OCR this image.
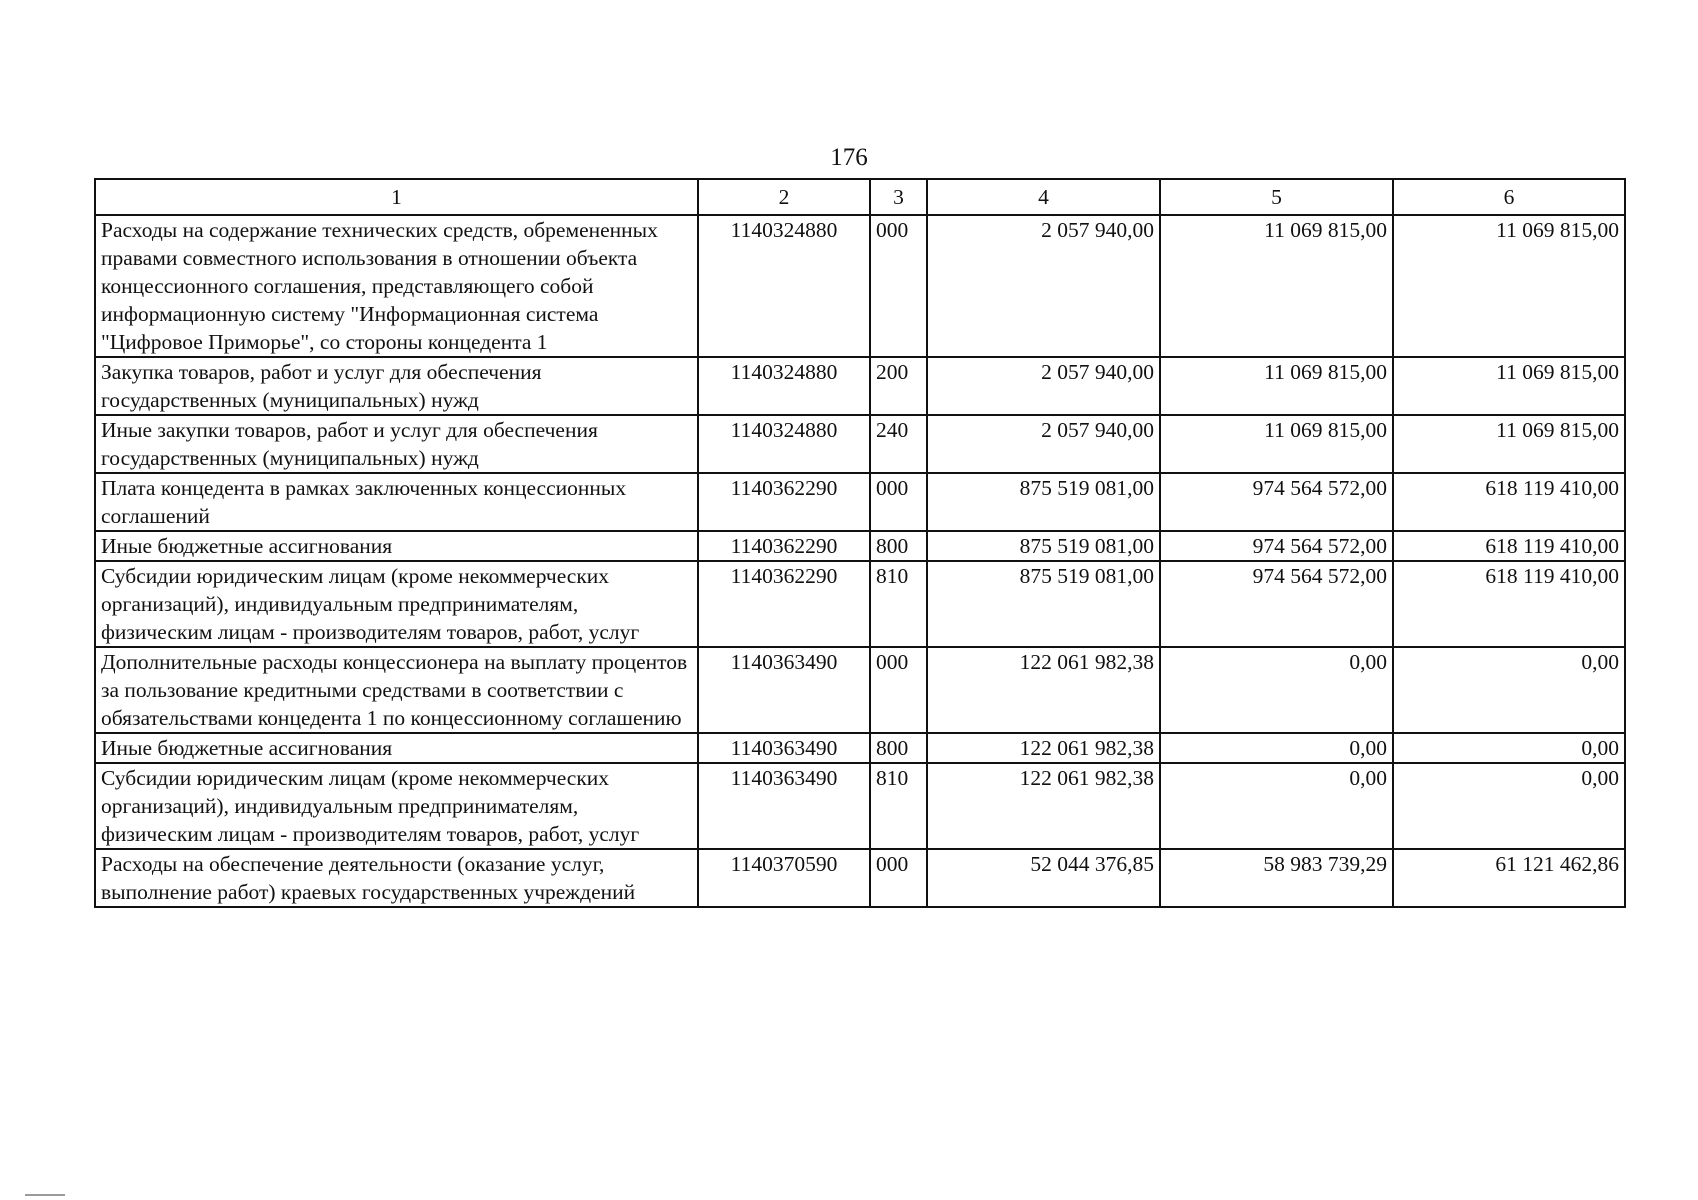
176
1	2	3	4	5	6
Расходы на содержание технических средств, обремененных правами совместного использования в отношении объекта концессионного соглашения, представляющего собой информационную систему "Информационная система "Цифровое Приморье", со стороны концедента 1	1140324880	000	2 057 940,00	11 069 815,00	11 069 815,00
Закупка товаров, работ и услуг для обеспечения государственных (муниципальных) нужд	1140324880	200	2 057 940,00	11 069 815,00	11 069 815,00
Иные закупки товаров, работ и услуг для обеспечения государственных (муниципальных) нужд	1140324880	240	2 057 940,00	11 069 815,00	11 069 815,00
Плата концедента в рамках заключенных концессионных соглашений	1140362290	000	875 519 081,00	974 564 572,00	618 119 410,00
Иные бюджетные ассигнования	1140362290	800	875 519 081,00	974 564 572,00	618 119 410,00
Субсидии юридическим лицам (кроме некоммерческих организаций), индивидуальным предпринимателям, физическим лицам - производителям товаров, работ, услуг	1140362290	810	875 519 081,00	974 564 572,00	618 119 410,00
Дополнительные расходы концессионера на выплату процентов за пользование кредитными средствами в соответствии с обязательствами концедента 1 по концессионному соглашению	1140363490	000	122 061 982,38	0,00	0,00
Иные бюджетные ассигнования	1140363490	800	122 061 982,38	0,00	0,00
Субсидии юридическим лицам (кроме некоммерческих организаций), индивидуальным предпринимателям, физическим лицам - производителям товаров, работ, услуг	1140363490	810	122 061 982,38	0,00	0,00
Расходы на обеспечение деятельности (оказание услуг, выполнение работ) краевых государственных учреждений	1140370590	000	52 044 376,85	58 983 739,29	61 121 462,86
